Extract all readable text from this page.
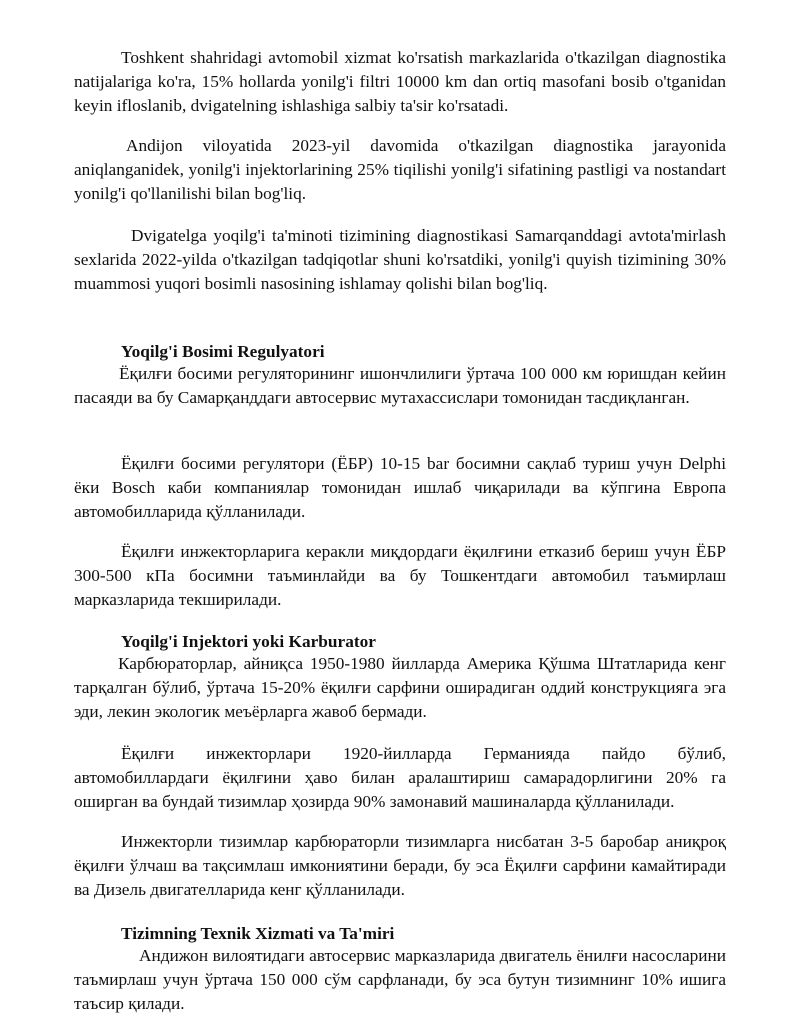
Toshkent shahridagi avtomobil xizmat ko'rsatish markazlarida o'tkazilgan diagnostika natijalariga ko'ra, 15% hollarda yonilg'i filtri 10000 km dan ortiq masofani bosib o'tganidan keyin ifloslanib, dvigatelning ishlashiga salbiy ta'sir ko'rsatadi.

Andijon viloyatida 2023-yil davomida o'tkazilgan diagnostika jarayonida aniqlanganidek, yonilg'i injektorlarining 25% tiqilishi yonilg'i sifatining pastligi va nostandart yonilg'i qo'llanilishi bilan bog'liq.

Dvigatelga yoqilg'i ta'minoti tizimining diagnostikasi Samarqanddagi avtota'mirlash sexlarida 2022-yilda o'tkazilgan tadqiqotlar shuni ko'rsatdiki, yonilg'i quyish tizimining 30% muammosi yuqori bosimli nasosining ishlamay qolishi bilan bog'liq.

Yoqilg'i Bosimi Regulyatori

Ёқилғи босими регуляторининг ишончлилиги ўртача 100 000 км юришдан кейин пасаяди ва бу Самарқанддаги автосервис мутахассислари томонидан тасдиқланган.

Ёқилғи босими регулятори (ЁБР) 10-15 bar босимни сақлаб туриш учун Delphi ёки Bosch каби компаниялар томонидан ишлаб чиқарилади ва кўпгина Европа автомобилларида қўлланилади.

Ёқилғи инжекторларига керакли миқдордаги ёқилғини етказиб бериш учун ЁБР 300-500 кПа босимни таъминлайди ва бу Тошкентдаги автомобил таъмирлаш марказларида текширилади.

Yoqilg'i Injektori yoki Karburator

Карбюраторлар, айниқса 1950-1980 йилларда Америка Қўшма Штатларида кенг тарқалган бўлиб, ўртача 15-20% ёқилғи сарфини оширадиган оддий конструкцияга эга эди, лекин экологик меъёрларга жавоб бермади.

Ёқилғи инжекторлари 1920-йилларда Германияда пайдо бўлиб, автомобиллардаги ёқилғини ҳаво билан аралаштириш самарадорлигини 20% га оширган ва бундай тизимлар ҳозирда 90% замонавий машиналарда қўлланилади.

Инжекторли тизимлар карбюраторли тизимларга нисбатан 3-5 баробар аниқроқ ёқилғи ўлчаш ва тақсимлаш имкониятини беради, бу эса Ёқилғи сарфини камайтиради ва Дизель двигателларида кенг қўлланилади.

Tizimning Texnik Xizmati va Ta'miri

Андижон вилоятидаги автосервис марказларида двигатель ёнилғи насосларини таъмирлаш учун ўртача 150 000 сўм сарфланади, бу эса бутун тизимнинг 10% ишига таъсир қилади.
